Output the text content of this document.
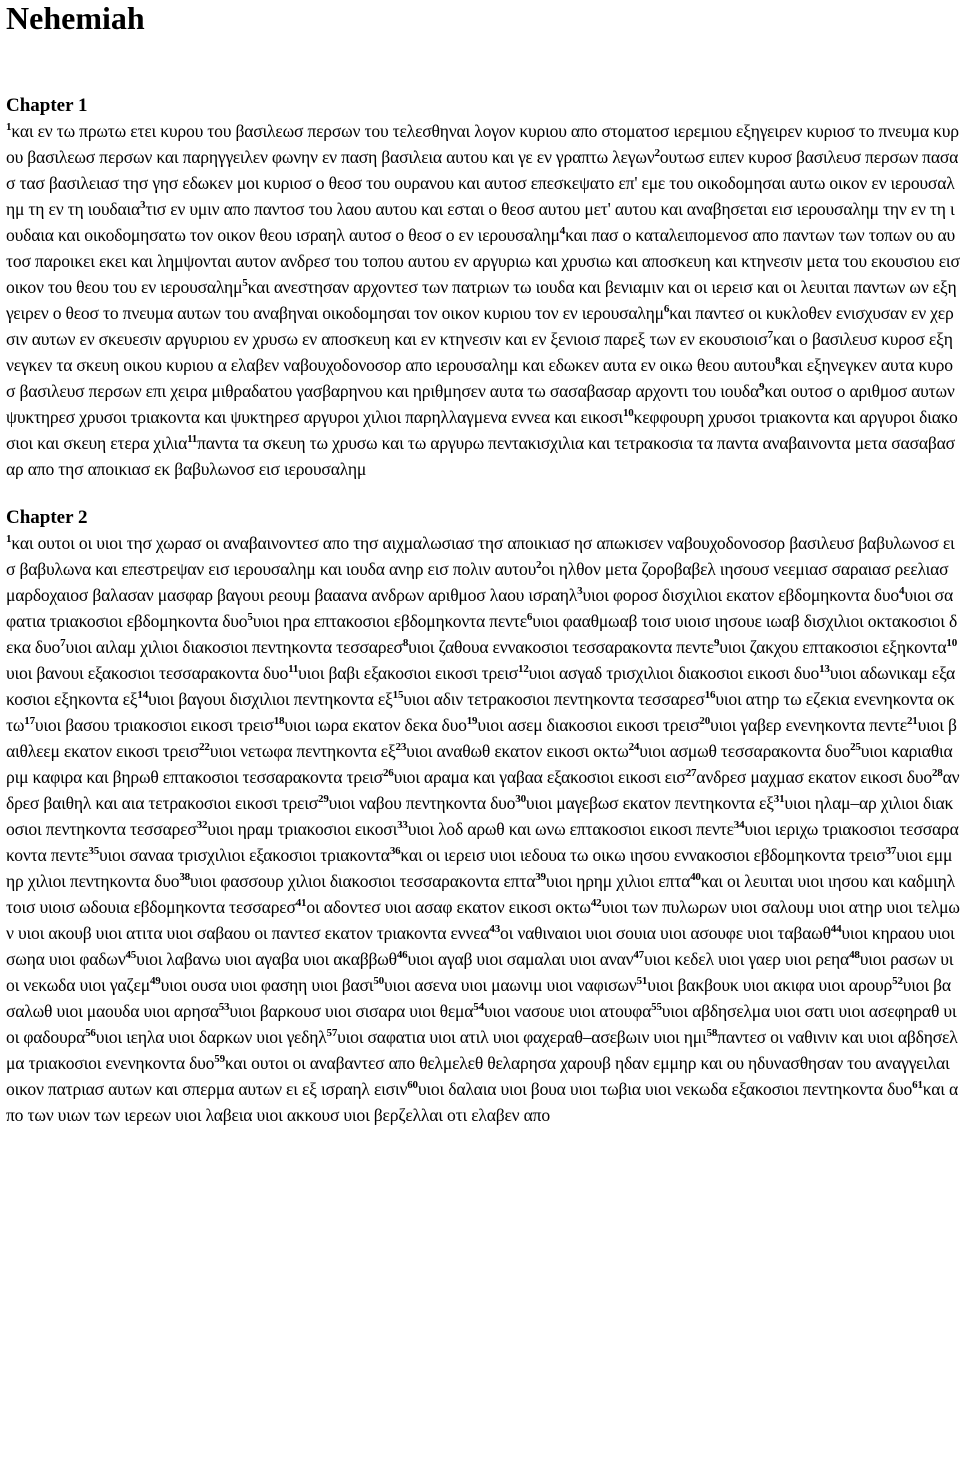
Nehemiah
Chapter 1

$^1$και εν τω πρωτω ετει κυρου του βασιλεωσ περσων του τελεσθηναι λογον κυριου απο στοματοσ ιερεμιου εξηγειρεν κυριοσ το πνευμα κυρου βασιλεωσ περσων και παρηγγειλεν φωνην εν παση βασιλεια αυτου και γε εν γραπτω λεγων$^2$ουτωσ ειπεν κυροσ βασιλευσ περσων πασασ τασ βασιλειασ τησ γησ εδωκεν μοι κυριοσ ο θεοσ του ουρανου και αυτοσ επεσκεψατο επ' εμε του οικοδομησαι αυτω οικον εν ιερουσαλημ τη εν τη ιουδαια$^3$τισ εν υμιν απο παντοσ του λαου αυτου και εσται ο θεοσ αυτου μετ' αυτου και αναβησεται εισ ιερουσαλημ την εν τη ιουδαια και οικοδομησατω τον οικον θεου ισραηλ αυτοσ ο θεοσ ο εν ιερουσαλημ$^4$και πασ ο καταλειπομενοσ απο παντων των τοπων ου αυτοσ παροικει εκει και λημψονται αυτον ανδρεσ του τοπου αυτου εν αργυριω και χρυσιω και αποσκευη και κτηνεσιν μετα του εκουσιου εισ οικον του θεου του εν ιερουσαλημ$^5$και ανεστησαν αρχοντεσ των πατριων τω ιουδα και βενιαμιν και οι ιερεισ και οι λευιται παντων ων εξηγειρεν ο θεοσ το πνευμα αυτων του αναβηναι οικοδομησαι τον οικον κυριου τον εν ιερουσαλημ$^6$και παντεσ οι κυκλοθεν ενισχυσαν εν χερσιν αυτων εν σκευεσιν αργυριου εν χρυσω εν αποσκευη και εν κτηνεσιν και εν ξενιοισ παρεξ των εν εκουσιοισ$^7$και ο βασιλευσ κυροσ εξηνεγκεν τα σκευη οικου κυριου α ελαβεν ναβουχοδονοσορ απο ιερουσαλημ και εδωκεν αυτα εν οικω θεου αυτου$^8$και εξηνεγκεν αυτα κυροσ βασιλευσ περσων επι χειρα μιθραδατου γασβαρηνου και ηριθμησεν αυτα τω σασαβασαρ αρχοντι του ιουδα$^9$και ουτοσ ο αριθμοσ αυτων ψυκτηρεσ χρυσοι τριακοντα και ψυκτηρεσ αργυροι χιλιοι παρηλλαγμενα εννεα και εικοσι$^{10}$κεφφουρη χρυσοι τριακοντα και αργυροι διακοσιοι και σκευη ετερα χιλια$^{11}$παντα τα σκευη τω χρυσω και τω αργυρω πεντακισχιλια και τετρακοσια τα παντα αναβαινοντα μετα σασαβασαρ απο τησ αποικιασ εκ βαβυλωνοσ εισ ιερουσαλημ

Chapter 2

$^1$και ουτοι οι υιοι τησ χωρασ οι αναβαινοντεσ απο τησ αιχμαλωσιασ τησ αποικιασ ησ απωκισεν ναβουχοδονοσορ βασιλευσ βαβυλωνοσ εισ βαβυλωνα και επεστρεψαν εισ ιερουσαλημ και ιουδα ανηρ εισ πολιν αυτου$^2$οι ηλθον μετα ζοροβαβελ ιησουσ νεεμιασ σαραιασ ρεελιασ μαρδοχαιοσ βαλασαν μασφαρ βαγουι ρεουμ βααανα ανδρων αριθμοσ λαου ισραηλ$^3$υιοι φοροσ δισχιλιοι εκατον εβδομηκοντα δυο$^4$υιοι σαφατια τριακοσιοι εβδομηκοντα δυο$^5$υιοι ηρα επτακοσιοι εβδομηκοντα πεντε$^6$υιοι φααθμωαβ τοισ υιοισ ιησουε ιωαβ δισχιλιοι οκτακοσιοι δεκα δυο$^7$υιοι αιλαμ χιλιοι διακοσιοι πεντηκοντα τεσσαρεσ$^8$υιοι ζαθουα εννακοσιοι τεσσαρακοντα πεντε$^9$υιοι ζακχου επτακοσιοι εξηκοντα$^{10}$υιοι βανουι εξακοσιοι τεσσαρακοντα δυο$^{11}$υιοι βαβι εξακοσιοι εικοσι τρεισ$^{12}$υιοι ασγαδ τρισχιλιοι διακοσιοι εικοσι δυο$^{13}$υιοι αδωνικαμ εξακοσιοι εξηκοντα $\varepsilon\xi^{14}\upsilon\iota o\iota$ βαγουι δισχιλιοι πεντηκοντα $\varepsilon\xi^{15}\upsilon\iota o\iota$ αδιν τετρακοσιοι πεντηκοντα τεσσαρεσ$^{16}$υιοι ατηρ τω εζεκια ενενηκοντα οκτω$^{17}$υιοι βασου τριακοσιοι εικοσι τρεισ$^{18}$υιοι ιωρα εκατον δεκα δυο$^{19}$υιοι ασεμ διακοσιοι εικοσι τρεισ$^{20}$υιοι γαβερ ενενηκοντα πεντε$^{21}$υιοι βαιθλεεμ εκατον εικοσι τρεισ$^{22}$υιοι νετωφα πεντηκοντα $\varepsilon\xi^{23}\upsilon\iota o\iota$ αναθωθ εκατον εικοσι οκτω$^{24}$υιοι ασμωθ τεσσαρακοντα δυο$^{25}$υιοι καριαθιαριμ καφιρα και βηρωθ επτακοσιοι τεσσαρακοντα τρεισ$^{26}$υιοι αραμα και γαβαα εξακοσιοι εικοσι εισ$^{27}$ανδρεσ μαχμασ εκατον εικοσι δυο$^{28}$ανδρεσ βαιθηλ και αια τετρακοσιοι εικοσι τρεισ$^{29}$υιοι ναβου πεντηκοντα δυο$^{30}$υιοι μαγεβωσ εκατον πεντηκοντα $\varepsilon\xi^{31}\upsilon\iota o\iota$ ηλαμ–αρ χιλιοι διακοσιοι πεντηκοντα τεσσαρεσ$^{32}$υιοι ηραμ τριακοσιοι εικοσι$^{33}$υιοι λοδ αρωθ και ωνω επτακοσιοι εικοσι πεντε$^{34}$υιοι ιεριχω τριακοσιοι τεσσαρακοντα πεντε$^{35}$υιοι σαναα τρισχιλιοι εξακοσιοι τριακοντα$^{36}$και οι ιερεισ υιοι ιεδουα τω οικω ιησου εννακοσιοι εβδομηκοντα τρεισ$^{37}$υιοι εμμηρ χιλιοι πεντηκοντα δυο$^{38}$υιοι φασσουρ χιλιοι διακοσιοι τεσσαρακοντα επτα$^{39}$υιοι ηρημ χιλιοι επτα$^{40}$και οι λευιται υιοι ιησου και καδμιηλ τοισ υιοισ ωδουια εβδομηκοντα τεσσαρεσ$^{41}$οι αδοντεσ υιοι ασαφ εκατον εικοσι οκτω$^{42}$υιοι των πυλωρων υιοι σαλουμ υιοι ατηρ υιοι τελμων υιοι ακουβ υιοι ατιτα υιοι σαβαου οι παντεσ εκατον τριακοντα εννεα$^{43}$οι ναθιναιοι υιοι σουια υιοι ασουφε υιοι ταβαωθ$^{44}$υιοι κηραου υιοι σωηα υιοι φαδων$^{45}$υιοι λαβανω υιοι αγαβα υιοι ακαββωθ$^{46}$υιοι αγαβ υιοι σαμαλαι υιοι αναν$^{47}$υιοι κεδελ υιοι γαερ υιοι ρεηα$^{48}$υιοι ρασων υιοι νεκωδα υιοι γαζεμ$^{49}$υιοι ουσα υιοι φασηη υιοι βασι$^{50}$υιοι ασενα υιοι μαωνιμ υιοι ναφισων$^{51}$υιοι βακβουκ υιοι ακιφα υιοι αρουρ$^{52}$υιοι βασαλωθ υιοι μαουδα υιοι αρησα$^{53}$υιοι βαρκουσ υιοι σισαρα υιοι θεμα$^{54}$υιοι νασουε υιοι ατουφα$^{55}$υιοι αβδησελμα υιοι σατι υιοι ασεφηραθ υιοι φαδουρα$^{56}$υιοι ιεηλα υιοι δαρκων υιοι γεδηλ$^{57}$υιοι σαφατια υιοι ατιλ υιοι φαχεραθ–ασεβωιν υιοι ημι$^{58}$παντεσ οι ναθινιν και υιοι αβδησελμα τριακοσιοι ενενηκοντα δυο$^{59}$και ουτοι οι αναβαντεσ απο θελμελεθ θελαρησα χαρουβ ηδαν εμμηρ και ου ηδυνασθησαν του αναγγειλαι οικον πατριασ αυτων και σπερμα αυτων ει εξ ισραηλ εισιν$^{60}$υιοι δαλαια υιοι βουα υιοι τωβια υιοι νεκωδα εξακοσιοι πεντηκοντα δυο$^{61}$και απο των υιων των ιερεων υιοι λαβεια υιοι ακκουσ υιοι βερζελλαι οτι ελαβεν απο
